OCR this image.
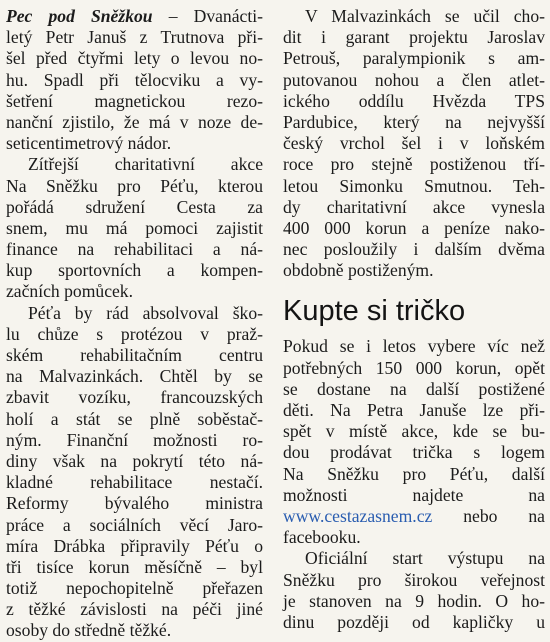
Pec pod Sněžkou – Dvanácti-
letý Petr Januš z Trutnova při-
šel před čtyřmi lety o levou no-
hu. Spadl při tělocviku a vy-
šetření magnetickou rezo-
nanční zjistilo, že má v noze de-
seticentimetrový nádor.
Zítřejší charitativní akce
Na Sněžku pro Péťu, kterou
pořádá sdružení Cesta za
snem, mu má pomoci zajistit
finance na rehabilitaci a ná-
kup sportovních a kompen-
začních pomůcek.
Péťa by rád absolvoval ško-
lu chůze s protézou v praž-
ském rehabilitačním centru
na Malvazinkách. Chtěl by se
zbavit vozíku, francouzských
holí a stát se plně soběstač-
ným. Finanční možnosti ro-
diny však na pokrytí této ná-
kladné rehabilitace nestačí.
Reformy bývalého ministra
práce a sociálních věcí Jaro-
míra Drábka připravily Péťu o
tři tisíce korun měsíčně – byl
totiž nepochopitelně přeřazen
z těžké závislosti na péči jiné
osoby do středně těžké.
V Malvazinkách se učil cho-
dit i garant projektu Jaroslav
Petrouš, paralympionik s am-
putovanou nohou a člen atlet-
ického oddílu Hvězda TPS
Pardubice, který na nejvyšší
český vrchol šel i v loňském
roce pro stejně postiženou tří-
letou Simonku Smutnou. Teh-
dy charitativní akce vynesla
400 000 korun a peníze nako-
nec posloužily i dalším dvěma
obdobně postiženým.
Kupte si tričko
Pokud se i letos vybere víc než
potřebných 150 000 korun, opět
se dostane na další postižené
děti. Na Petra Januše lze při-
spět v místě akce, kde se bu-
dou prodávat trička s logem
Na Sněžku pro Péťu, další
možnosti najdete na
www.cestazasnem.cz nebo na
facebooku.
Oficiální start výstupu na
Sněžku pro širokou veřejnost
je stanoven na 9 hodin. O ho-
dinu později od kapličky u
